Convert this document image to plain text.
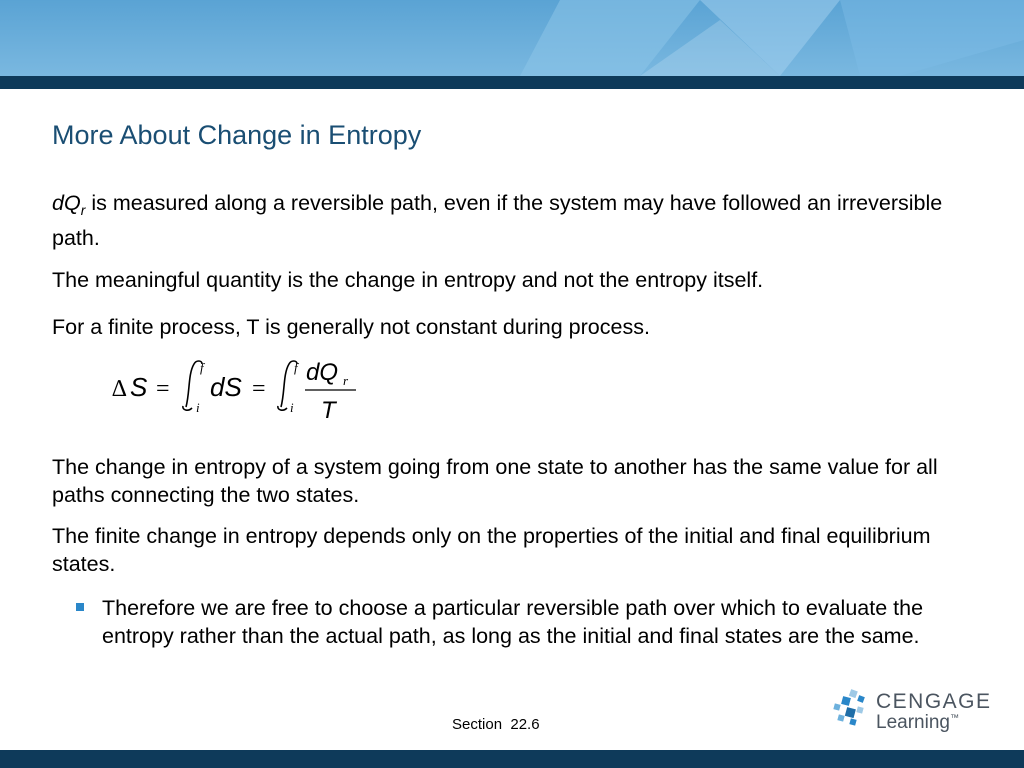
More About Change in Entropy
$dQ_r$ is measured along a reversible path, even if the system may have followed an irreversible path.
The meaningful quantity is the change in entropy and not the entropy itself.
For a finite process, T is generally not constant during process.
∆ S =
f
i
dS =
f
i
dQ r
T
The change in entropy of a system going from one state to another has the same value for all paths connecting the two states.
The finite change in entropy depends only on the properties of the initial and final equilibrium states.
Therefore we are free to choose a particular reversible path over which to evaluate the entropy rather than the actual path, as long as the initial and final states are the same.
Section  22.6
CENGAGE
Learning™
